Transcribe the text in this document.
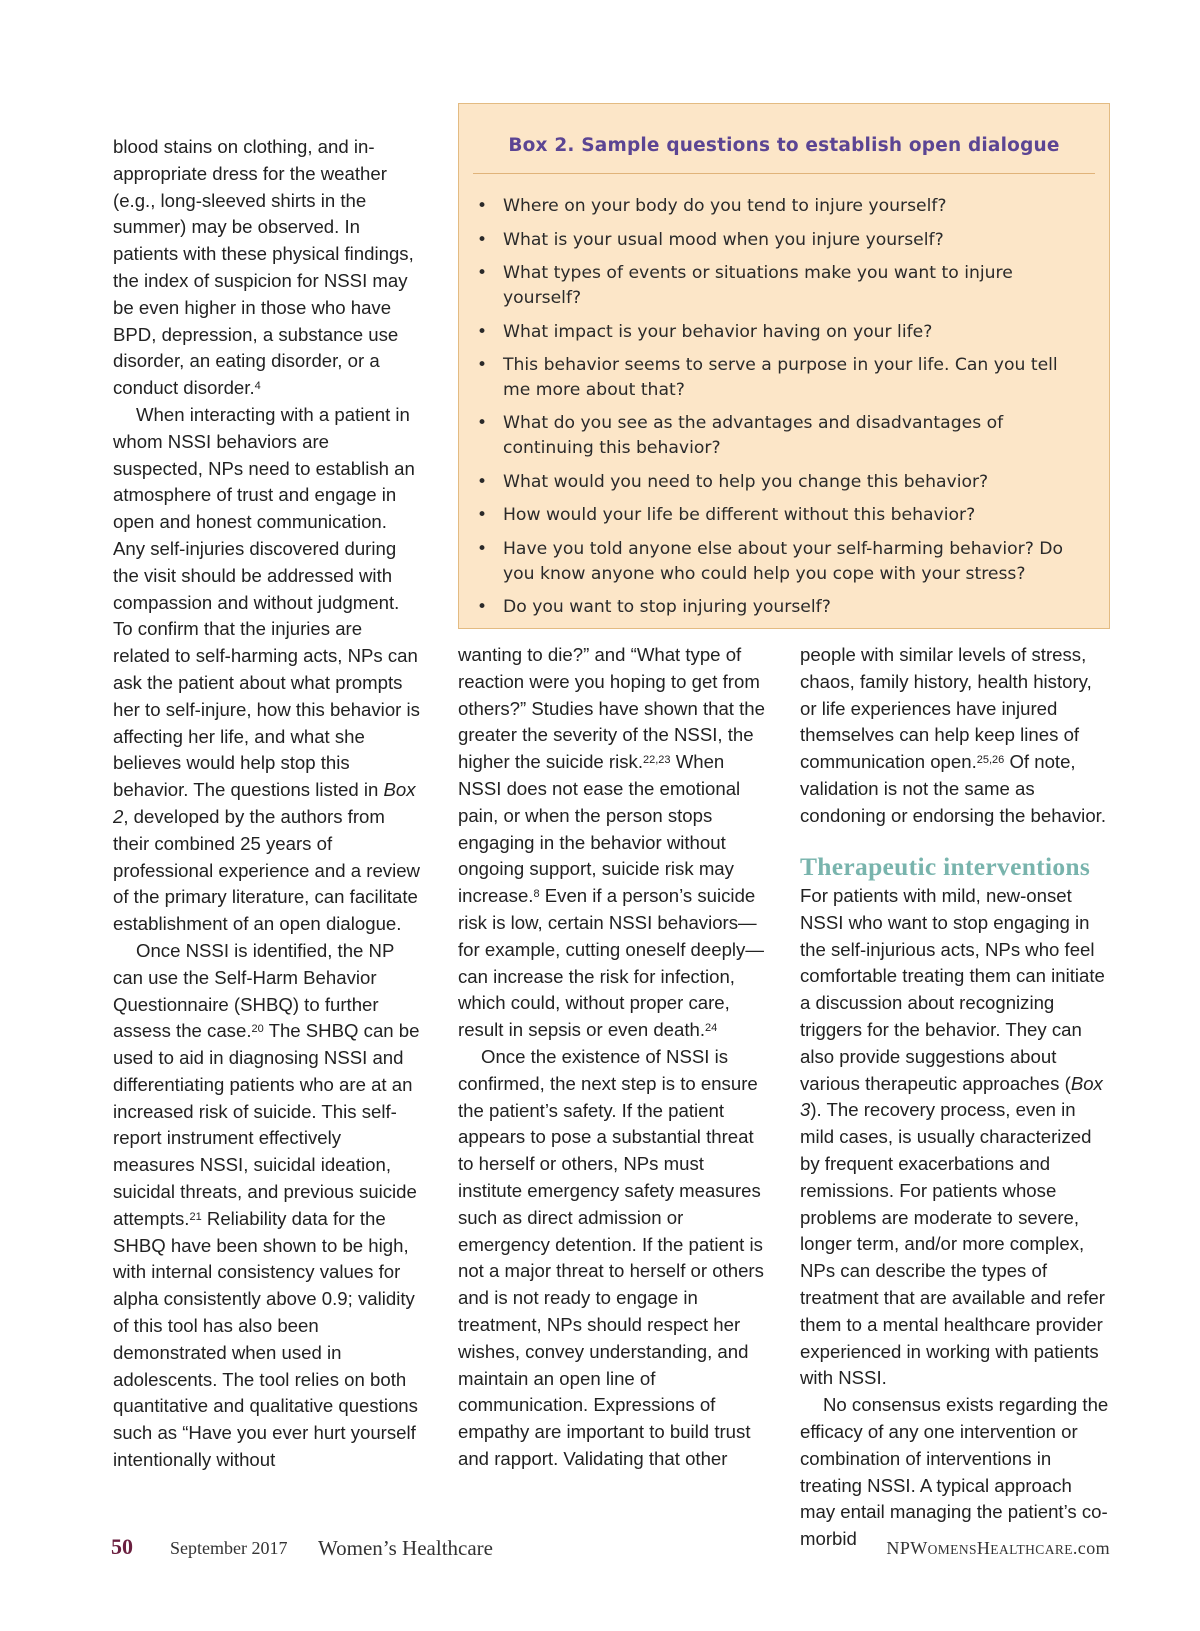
blood stains on clothing, and in-appropriate dress for the weather (e.g., long-sleeved shirts in the summer) may be observed. In patients with these physical findings, the index of suspicion for NSSI may be even higher in those who have BPD, depression, a substance use disorder, an eating disorder, or a conduct disorder.$^4$

When interacting with a patient in whom NSSI behaviors are suspected, NPs need to establish an atmosphere of trust and engage in open and honest communication. Any self-injuries discovered during the visit should be addressed with compassion and without judgment. To confirm that the injuries are related to self-harming acts, NPs can ask the patient about what prompts her to self-injure, how this behavior is affecting her life, and what she believes would help stop this behavior. The questions listed in Box 2, developed by the authors from their combined 25 years of professional experience and a review of the primary literature, can facilitate establishment of an open dialogue.

Once NSSI is identified, the NP can use the Self-Harm Behavior Questionnaire (SHBQ) to further assess the case.$^{20}$ The SHBQ can be used to aid in diagnosing NSSI and differentiating patients who are at an increased risk of suicide. This self-report instrument effectively measures NSSI, suicidal ideation, suicidal threats, and previous suicide attempts.$^{21}$ Reliability data for the SHBQ have been shown to be high, with internal consistency values for alpha consistently above 0.9; validity of this tool has also been demonstrated when used in adolescents. The tool relies on both quantitative and qualitative questions such as “Have you ever hurt yourself intentionally without

Box 2. Sample questions to establish open dialogue
• Where on your body do you tend to injure yourself?
• What is your usual mood when you injure yourself?
• What types of events or situations make you want to injure yourself?
• What impact is your behavior having on your life?
• This behavior seems to serve a purpose in your life. Can you tell me more about that?
• What do you see as the advantages and disadvantages of continuing this behavior?
• What would you need to help you change this behavior?
• How would your life be different without this behavior?
• Have you told anyone else about your self-harming behavior? Do you know anyone who could help you cope with your stress?
• Do you want to stop injuring yourself?

wanting to die?” and “What type of reaction were you hoping to get from others?” Studies have shown that the greater the severity of the NSSI, the higher the suicide risk.$^{22,23}$ When NSSI does not ease the emotional pain, or when the person stops engaging in the behavior without ongoing support, suicide risk may increase.$^8$ Even if a person’s suicide risk is low, certain NSSI behaviors—for example, cutting oneself deeply—can increase the risk for infection, which could, without proper care, result in sepsis or even death.$^{24}$

Once the existence of NSSI is confirmed, the next step is to ensure the patient’s safety. If the patient appears to pose a substantial threat to herself or others, NPs must institute emergency safety measures such as direct admission or emergency detention. If the patient is not a major threat to herself or others and is not ready to engage in treatment, NPs should respect her wishes, convey understanding, and maintain an open line of communication. Expressions of empathy are important to build trust and rapport. Validating that other

people with similar levels of stress, chaos, family history, health history, or life experiences have injured themselves can help keep lines of communication open.$^{25,26}$ Of note, validation is not the same as condoning or endorsing the behavior.

Therapeutic interventions

For patients with mild, new-onset NSSI who want to stop engaging in the self-injurious acts, NPs who feel comfortable treating them can initiate a discussion about recognizing triggers for the behavior. They can also provide suggestions about various therapeutic approaches (Box 3). The recovery process, even in mild cases, is usually characterized by frequent exacerbations and remissions. For patients whose problems are moderate to severe, longer term, and/or more complex, NPs can describe the types of treatment that are available and refer them to a mental healthcare provider experienced in working with patients with NSSI.

No consensus exists regarding the efficacy of any one intervention or combination of interventions in treating NSSI. A typical approach may entail managing the patient’s co-morbid

50 September 2017 Women’s Healthcare	NPWOMENSHEALTHCARE.com
